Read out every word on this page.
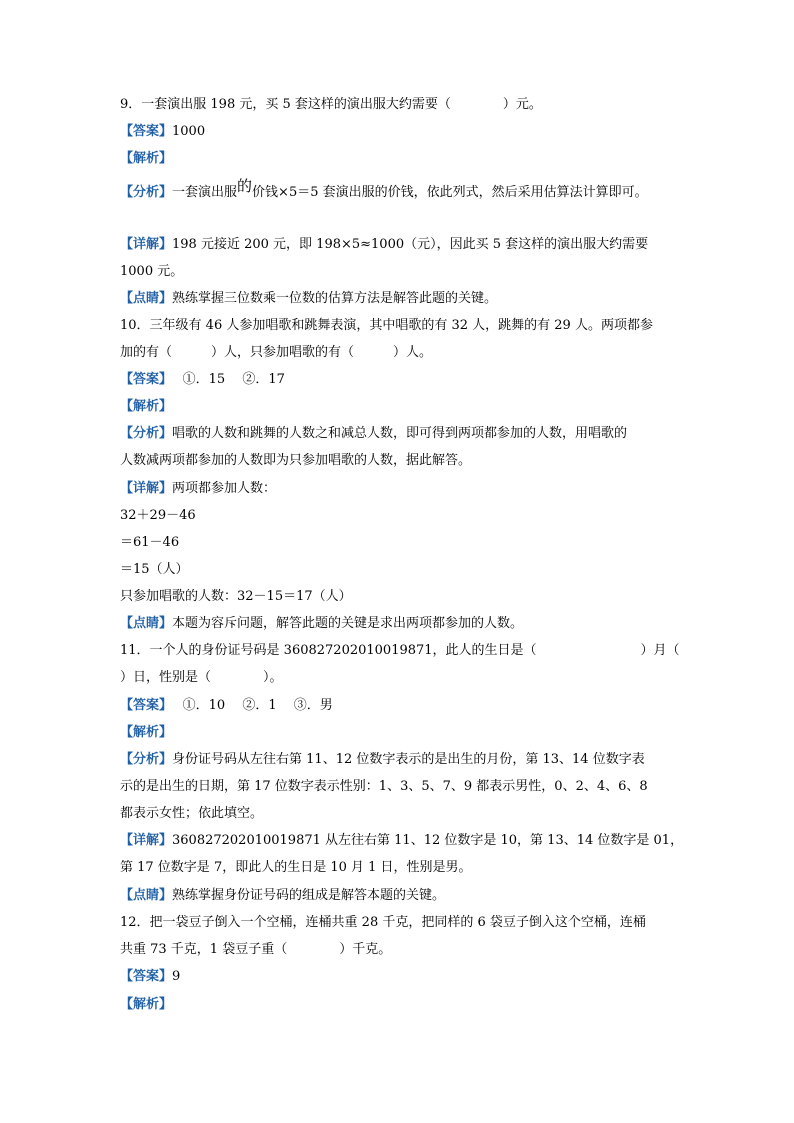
9．一套演出服 198 元，买 5 套这样的演出服大约需要（　　　　）元。
【答案】1000
【解析】
【分析】一套演出服的价钱×5＝5 套演出服的价钱，依此列式，然后采用估算法计算即可。
【详解】198 元接近 200 元，即 198×5≈1000（元），因此买 5 套这样的演出服大约需要
1000 元。
【点睛】熟练掌握三位数乘一位数的估算方法是解答此题的关键。
10．三年级有 46 人参加唱歌和跳舞表演，其中唱歌的有 32 人，跳舞的有 29 人。两项都参
加的有（　　　）人，只参加唱歌的有（　　　）人。
【答案】　 ①．15　 ②．17
【解析】
【分析】唱歌的人数和跳舞的人数之和减总人数，即可得到两项都参加的人数，用唱歌的
人数减两项都参加的人数即为只参加唱歌的人数，据此解答。
【详解】两项都参加人数：
32＋29－46
＝61－46
＝15（人）
只参加唱歌的人数：32－15＝17（人）
【点睛】本题为容斥问题，解答此题的关键是求出两项都参加的人数。
11．一个人的身份证号码是 360827202010019871，此人的生日是（　　　　　　　　）月（
）日，性别是（　　　　）。
【答案】　 ①．10　 ②．1　 ③．男
【解析】
【分析】身份证号码从左往右第 11、12 位数字表示的是出生的月份，第 13、14 位数字表
示的是出生的日期，第 17 位数字表示性别：1、3、5、7、9 都表示男性，0、2、4、6、8
都表示女性；依此填空。
【详解】360827202010019871 从左往右第 11、12 位数字是 10，第 13、14 位数字是 01，
第 17 位数字是 7，即此人的生日是 10 月 1 日，性别是男。
【点睛】熟练掌握身份证号码的组成是解答本题的关键。
12．把一袋豆子倒入一个空桶，连桶共重 28 千克，把同样的 6 袋豆子倒入这个空桶，连桶
共重 73 千克，1 袋豆子重（　　　　）千克。
【答案】9
【解析】
